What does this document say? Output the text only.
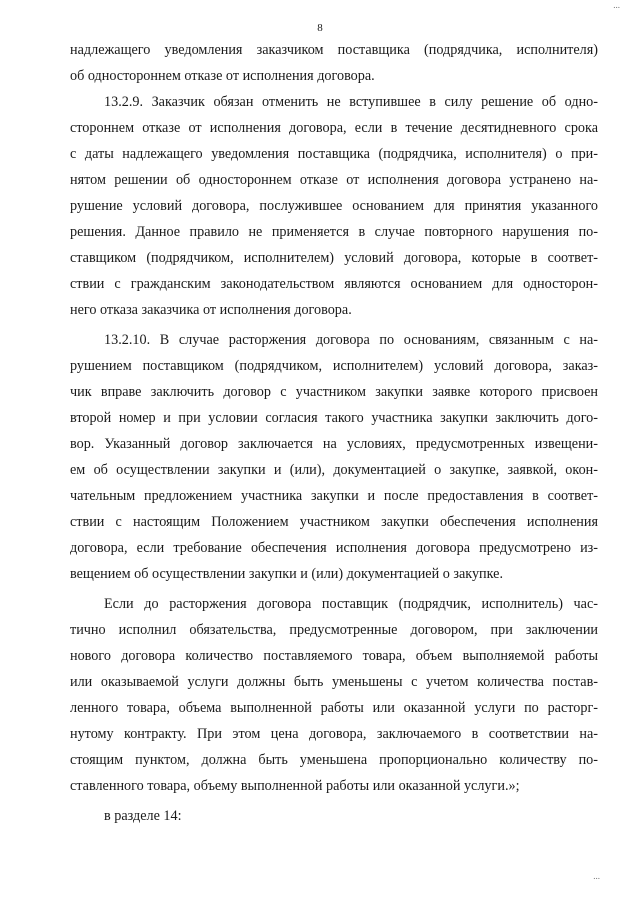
...
8
надлежащего уведомления заказчиком поставщика (подрядчика, исполнителя)
об одностороннем отказе от исполнения договора.
13.2.9. Заказчик обязан отменить не вступившее в силу решение об одно-
стороннем отказе от исполнения договора, если в течение десятидневного срока
с даты надлежащего уведомления поставщика (подрядчика, исполнителя) о при-
нятом решении об одностороннем отказе от исполнения договора устранено на-
рушение условий договора, послужившее основанием для принятия указанного
решения. Данное правило не применяется в случае повторного нарушения по-
ставщиком (подрядчиком, исполнителем) условий договора, которые в соответ-
ствии с гражданским законодательством являются основанием для односторон-
него отказа заказчика от исполнения договора.
13.2.10. В случае расторжения договора по основаниям, связанным с на-
рушением поставщиком (подрядчиком, исполнителем) условий договора, заказ-
чик вправе заключить договор с участником закупки заявке которого присвоен
второй номер и при условии согласия такого участника закупки заключить дого-
вор. Указанный договор заключается на условиях, предусмотренных извещени-
ем об осуществлении закупки и (или), документацией о закупке, заявкой, окон-
чательным предложением участника закупки и после предоставления в соответ-
ствии с настоящим Положением участником закупки обеспечения исполнения
договора, если требование обеспечения исполнения договора предусмотрено из-
вещением об осуществлении закупки и (или) документацией о закупке.
Если до расторжения договора поставщик (подрядчик, исполнитель) час-
тично исполнил обязательства, предусмотренные договором, при заключении
нового договора количество поставляемого товара, объем выполняемой работы
или оказываемой услуги должны быть уменьшены с учетом количества постав-
ленного товара, объема выполненной работы или оказанной услуги по расторг-
нутому контракту. При этом цена договора, заключаемого в соответствии на-
стоящим пунктом, должна быть уменьшена пропорционально количеству по-
ставленного товара, объему выполненной работы или оказанной услуги.»;
в разделе 14:
...
